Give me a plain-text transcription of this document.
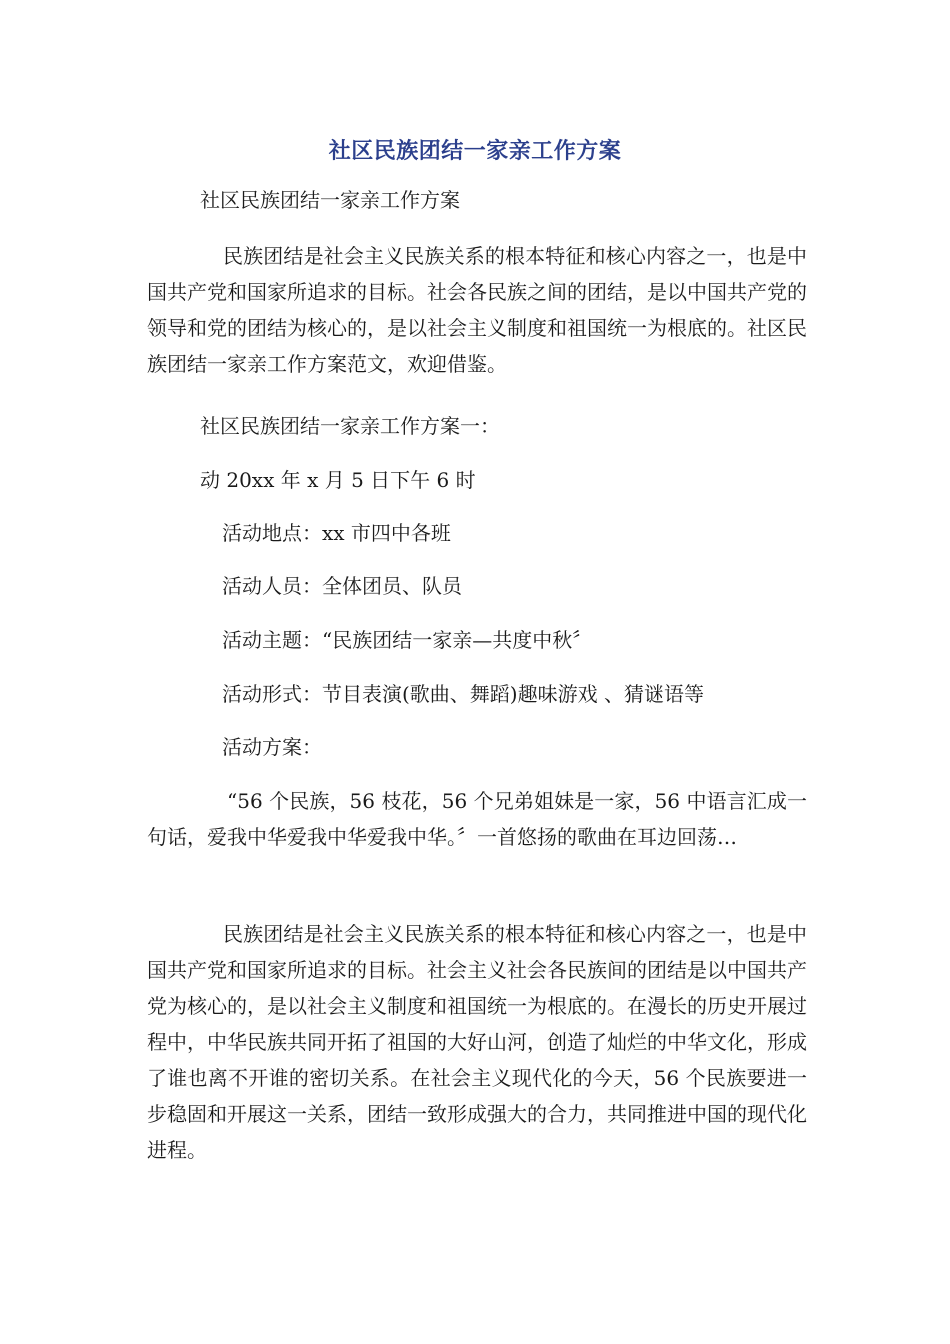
社区民族团结一家亲工作方案
社区民族团结一家亲工作方案
民族团结是社会主义民族关系的根本特征和核心内容之一，也是中国共产党和国家所追求的目标。社会各民族之间的团结，是以中国共产党的领导和党的团结为核心的，是以社会主义制度和祖国统一为根底的。社区民族团结一家亲工作方案范文，欢迎借鉴。
社区民族团结一家亲工作方案一：
动 20xx 年 x 月 5 日下午 6 时
活动地点：xx 市四中各班
活动人员：全体团员、队员
活动主题：“民族团结一家亲—共度中秋〞
活动形式：节目表演(歌曲、舞蹈)趣味游戏 、猜谜语等
活动方案：
“56 个民族，56 枝花，56 个兄弟姐妹是一家，56 中语言汇成一句话，爱我中华爱我中华爱我中华。〞一首悠扬的歌曲在耳边回荡…
民族团结是社会主义民族关系的根本特征和核心内容之一，也是中国共产党和国家所追求的目标。社会主义社会各民族间的团结是以中国共产党为核心的，是以社会主义制度和祖国统一为根底的。在漫长的历史开展过程中，中华民族共同开拓了祖国的大好山河，创造了灿烂的中华文化，形成了谁也离不开谁的密切关系。在社会主义现代化的今天，56 个民族要进一步稳固和开展这一关系，团结一致形成强大的合力，共同推进中国的现代化进程。
